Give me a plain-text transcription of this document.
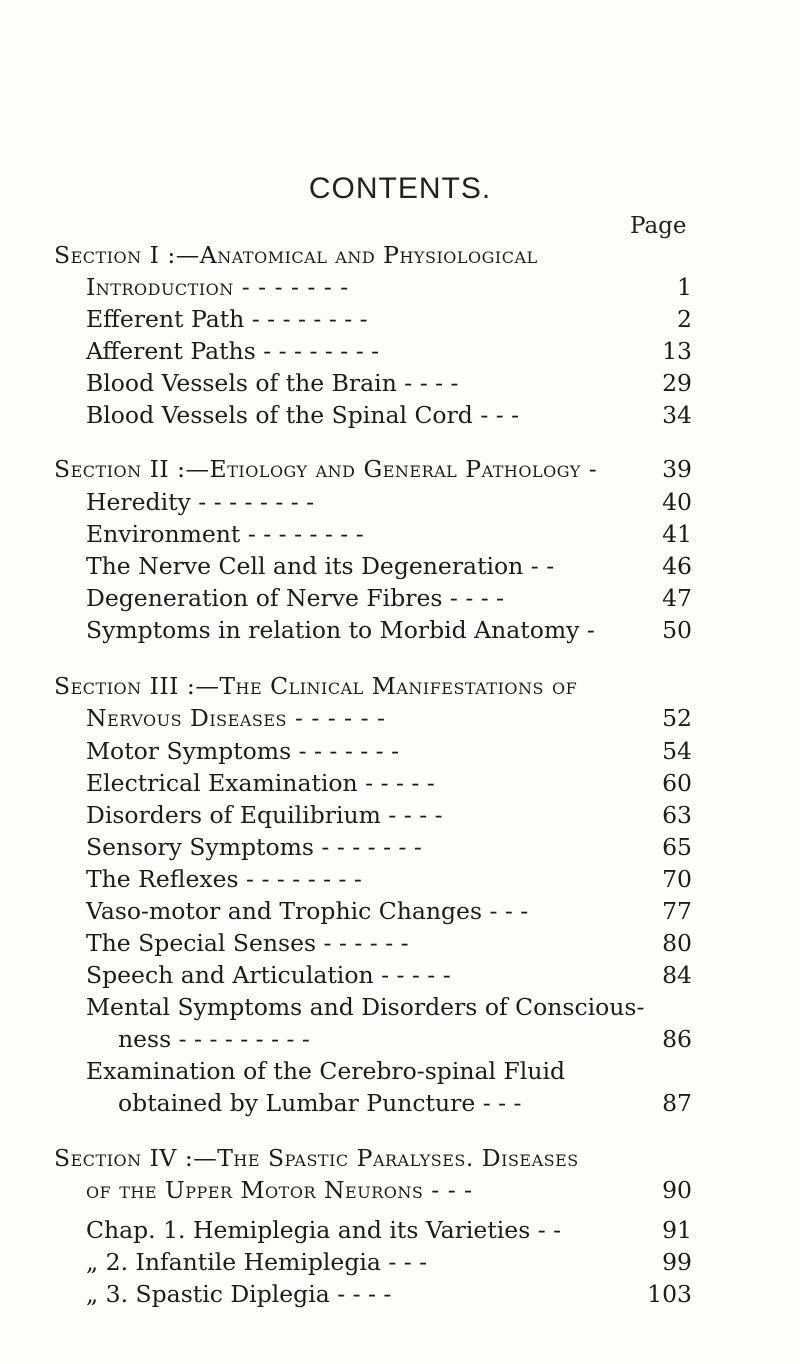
CONTENTS.
Page
Section I :—Anatomical and Physiological
Introduction - - - - - - -	1
Efferent Path - - - - - - - -	2
Afferent Paths - - - - - - - -	13
Blood Vessels of the Brain - - - -	29
Blood Vessels of the Spinal Cord - - -	34
Section II :—Etiology and General Pathology -	39
Heredity - - - - - - - -	40
Environment - - - - - - - -	41
The Nerve Cell and its Degeneration - -	46
Degeneration of Nerve Fibres - - - -	47
Symptoms in relation to Morbid Anatomy -	50
Section III :—The Clinical Manifestations of
Nervous Diseases - - - - - -	52
Motor Symptoms - - - - - - -	54
Electrical Examination - - - - -	60
Disorders of Equilibrium - - - -	63
Sensory Symptoms - - - - - - -	65
The Reflexes - - - - - - - -	70
Vaso-motor and Trophic Changes - - -	77
The Special Senses - - - - - -	80
Speech and Articulation - - - - -	84
Mental Symptoms and Disorders of Conscious-
ness - - - - - - - - -	86
Examination of the Cerebro-spinal Fluid
obtained by Lumbar Puncture - - -	87
Section IV :—The Spastic Paralyses. Diseases
of the Upper Motor Neurons - - -	90
Chap. 1. Hemiplegia and its Varieties - -	91
„ 2. Infantile Hemiplegia - - -	99
„ 3. Spastic Diplegia - - - -	103
